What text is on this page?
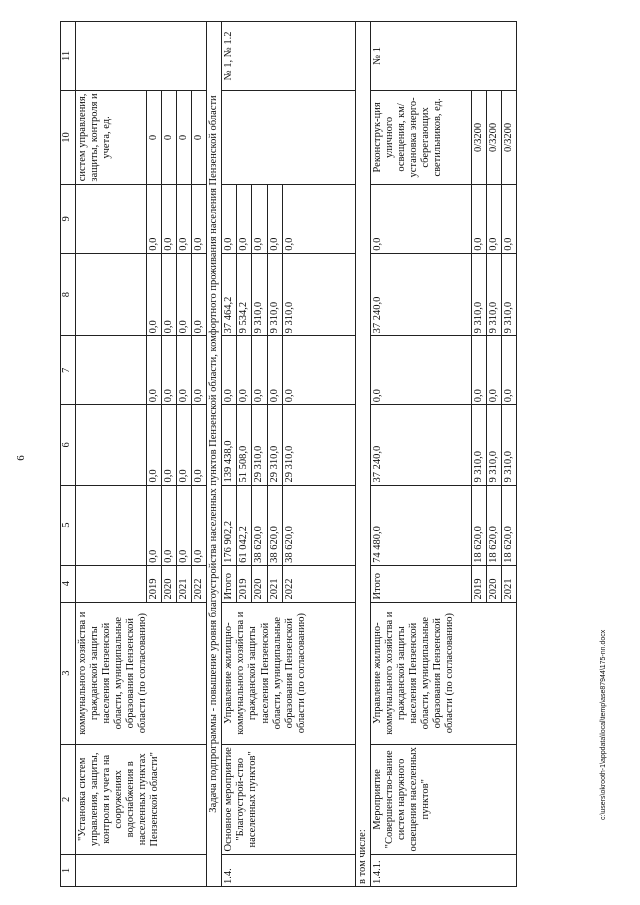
6
1	2	3	4	5	6	7	8	9	10	11
	"Установка систем управления, защиты, контроля и учета на сооружениях водоснабжения в населенных пунктах Пензенской области"	коммунального хозяйства и гражданской защиты населения Пензенской области, муниципальные образования Пензенской области (по согласованию)							систем управления, защиты, контроля и учета, ед.	
			2019	0,0	0,0	0,0	0,0	0,0	0	
			2020	0,0	0,0	0,0	0,0	0,0	0	
			2021	0,0	0,0	0,0	0,0	0,0	0	
			2022	0,0	0,0	0,0	0,0	0,0	0	
Задача подпрограммы - повышение уровня благоустройства населенных пунктов Пензенской области, комфортного проживания населения Пензенской области										
1.4.	Основное мероприятие "Благоустрой-ство населенных пунктов"	Управление жилищно-коммунального хозяйства и гражданской защиты населения Пензенской области, муниципальные образования Пензенской области (по согласованию)	Итого	176 902,2	139 438,0	0,0	37 464,2	0,0		№ 1, № 1.2
			2019	61 042,2	51 508,0	0,0	9 534,2	0,0		
			2020	38 620,0	29 310,0	0,0	9 310,0	0,0		
			2021	38 620,0	29 310,0	0,0	9 310,0	0,0		
			2022	38 620,0	29 310,0	0,0	9 310,0	0,0		
в том числе:										
1.4.1.	Мероприятие "Совершенство-вание систем наружного освещения населенных пунктов"	Управление жилищно-коммунального хозяйства и гражданской защиты населения Пензенской области, муниципальные образования Пензенской области (по согласованию)	Итого	74 480,0	37 240,0	0,0	37 240,0	0,0	Реконструк-ция уличного освещения, км/установка энерго-сберегающих светильников, ед.	№ 1
			2019	18 620,0	9 310,0	0,0	9 310,0	0,0	0/3200	
			2020	18 620,0	9 310,0	0,0	9 310,0	0,0	0/3200	
			2021	18 620,0	9 310,0	0,0	9 310,0	0,0	0/3200	
c:\users\okrooth-1\appdata\local\temp\ase87944\175-nn.docx
